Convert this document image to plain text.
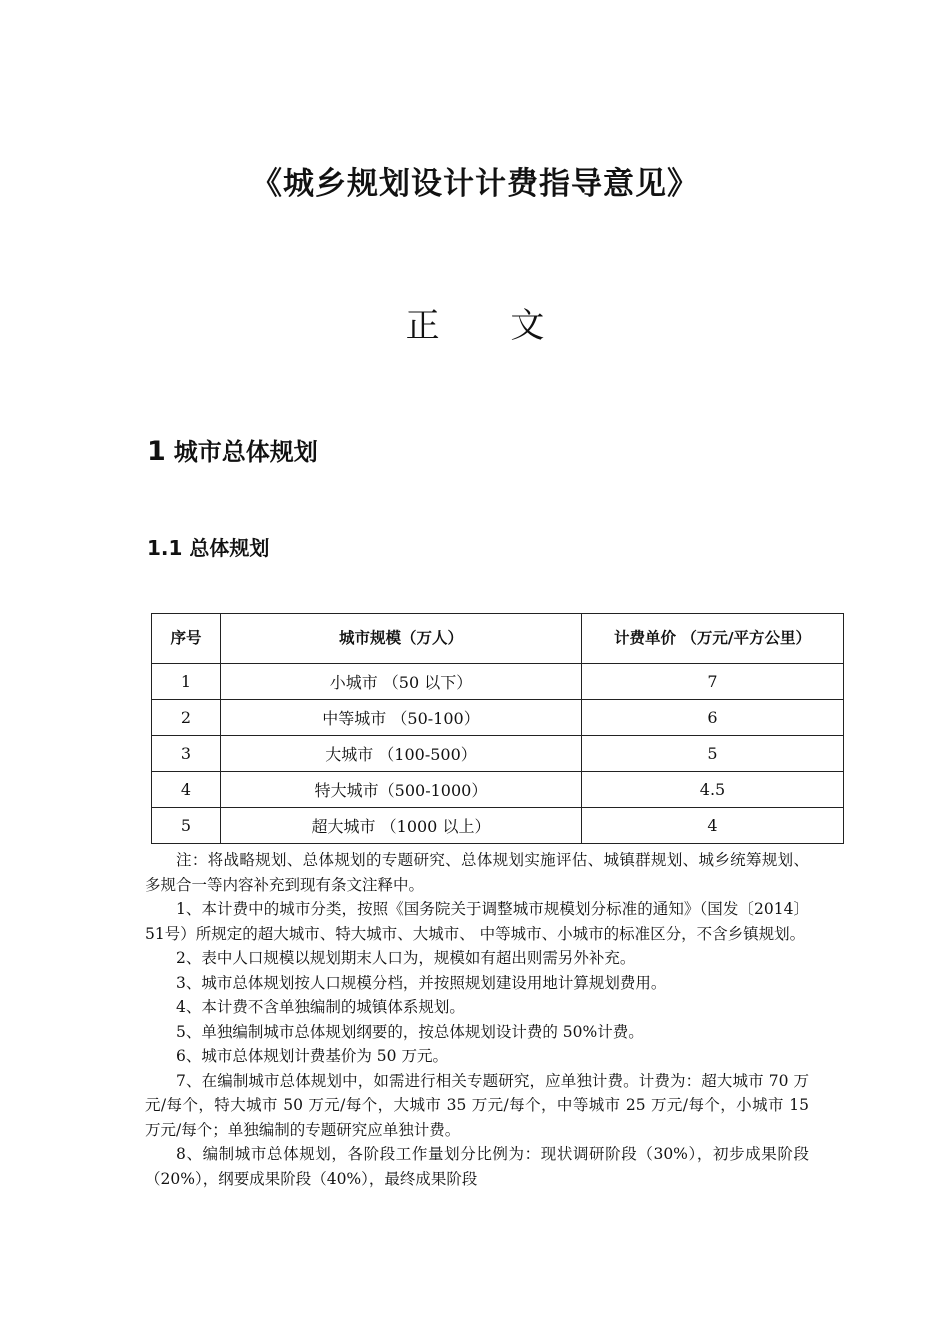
《城乡规划设计计费指导意见》
正 文
1 城市总体规划
1.1 总体规划
序号	城市规模（万人）	计费单价 （万元/平方公里）
1	小城市 （50 以下）	7
2	中等城市 （50-100）	6
3	大城市 （100-500）	5
4	特大城市（500-1000）	4.5
5	超大城市 （1000 以上）	4

注：将战略规划、总体规划的专题研究、总体规划实施评估、城镇群规划、城乡统筹规划、多规合一等内容补充到现有条文注释中。

1、本计费中的城市分类，按照《国务院关于调整城市规模划分标准的通知》（国发〔2014〕51号）所规定的超大城市、特大城市、大城市、 中等城市、小城市的标准区分，不含乡镇规划。

2、表中人口规模以规划期末人口为，规模如有超出则需另外补充。

3、城市总体规划按人口规模分档，并按照规划建设用地计算规划费用。

4、本计费不含单独编制的城镇体系规划。

5、单独编制城市总体规划纲要的，按总体规划设计费的 50%计费。

6、城市总体规划计费基价为 50 万元。

7、在编制城市总体规划中，如需进行相关专题研究，应单独计费。计费为：超大城市 70 万元/每个，特大城市 50 万元/每个，大城市 35 万元/每个，中等城市 25 万元/每个，小城市 15 万元/每个；单独编制的专题研究应单独计费。

8、编制城市总体规划，各阶段工作量划分比例为：现状调研阶段（30%），初步成果阶段（20%），纲要成果阶段（40%），最终成果阶段
